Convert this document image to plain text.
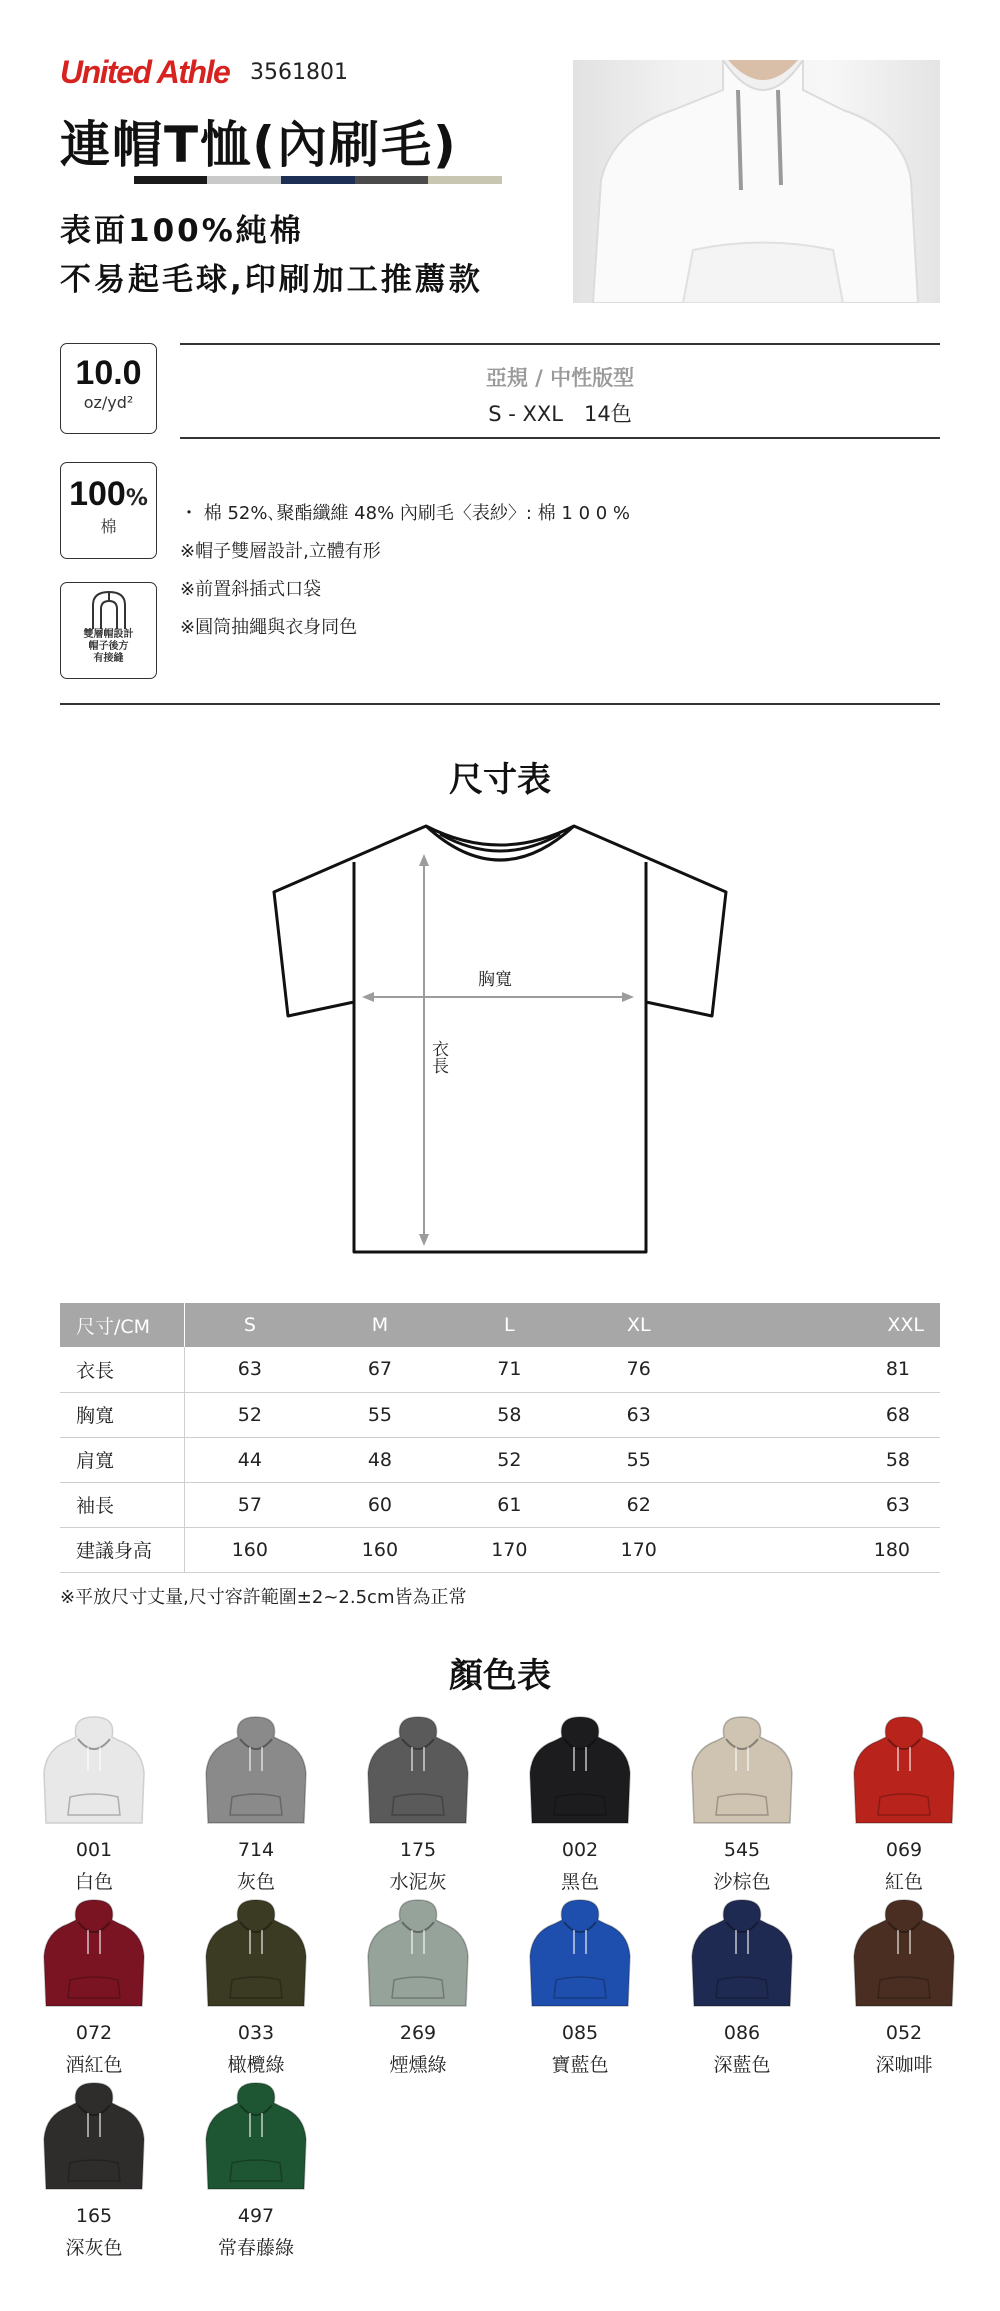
United Athle 3561801
連帽T恤(內刷毛)
表面100%純棉
不易起毛球,印刷加工推薦款
10.0
oz/yd²
亞規 / 中性版型
S - XXL　14色
100%
棉
雙層帽設計
帽子後方
有接縫
・ 棉 52%､聚酯纖維 48% 內刷毛〈表紗〉: 棉 1 0 0 %
※帽子雙層設計,立體有形
※前置斜插式口袋
※圓筒抽繩與衣身同色
尺寸表
胸寬
衣長
尺寸/CM	S	M	L	XL	XXL
衣長	63	67	71	76	81
胸寬	52	55	58	63	68
肩寬	44	48	52	55	58
袖長	57	60	61	62	63
建議身高	160	160	170	170	180
※平放尺寸丈量,尺寸容許範圍±2~2.5cm皆為正常
顏色表
001
白色
714
灰色
175
水泥灰
002
黑色
545
沙棕色
069
紅色
072
酒紅色
033
橄欖綠
269
煙燻綠
085
寶藍色
086
深藍色
052
深咖啡
165
深灰色
497
常春藤綠
